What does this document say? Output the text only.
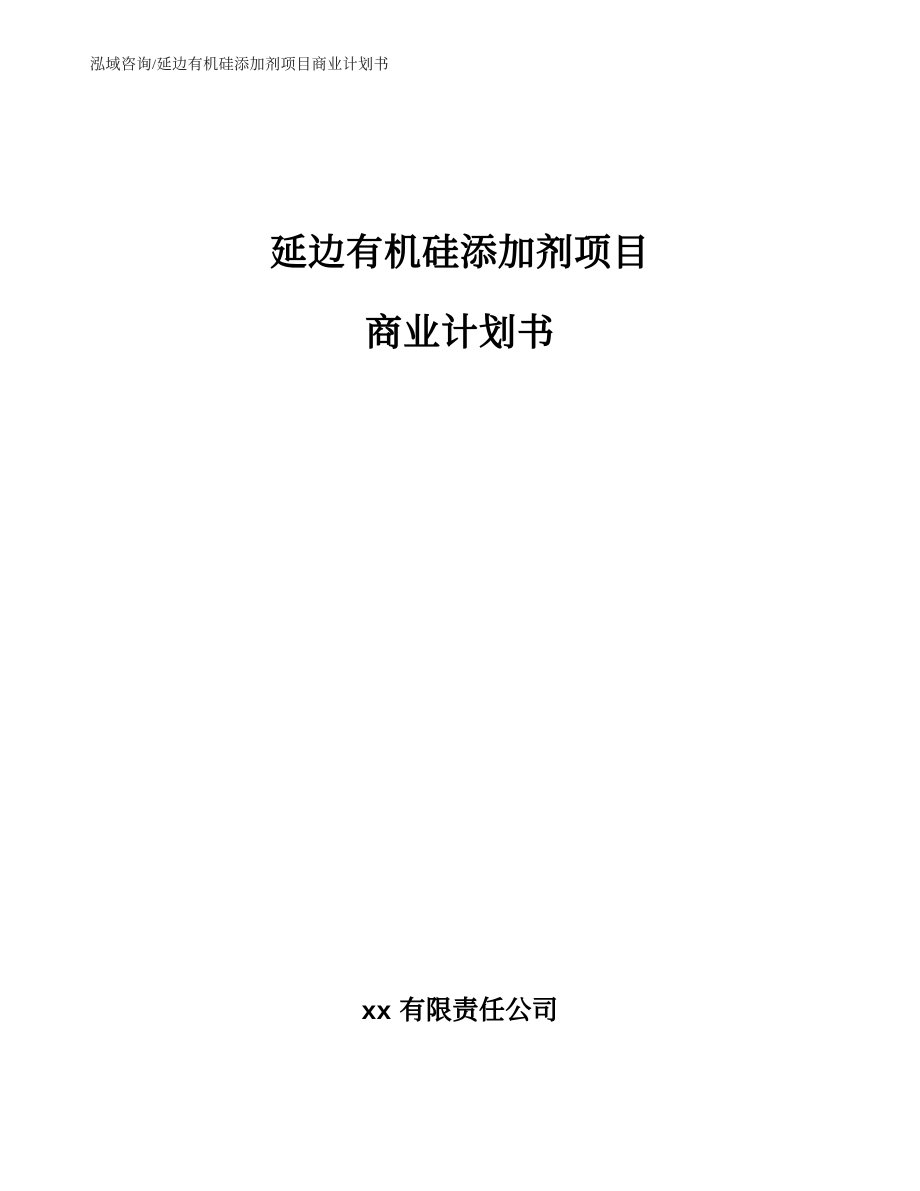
泓域咨询/延边有机硅添加剂项目商业计划书
延边有机硅添加剂项目
商业计划书
xx 有限责任公司
